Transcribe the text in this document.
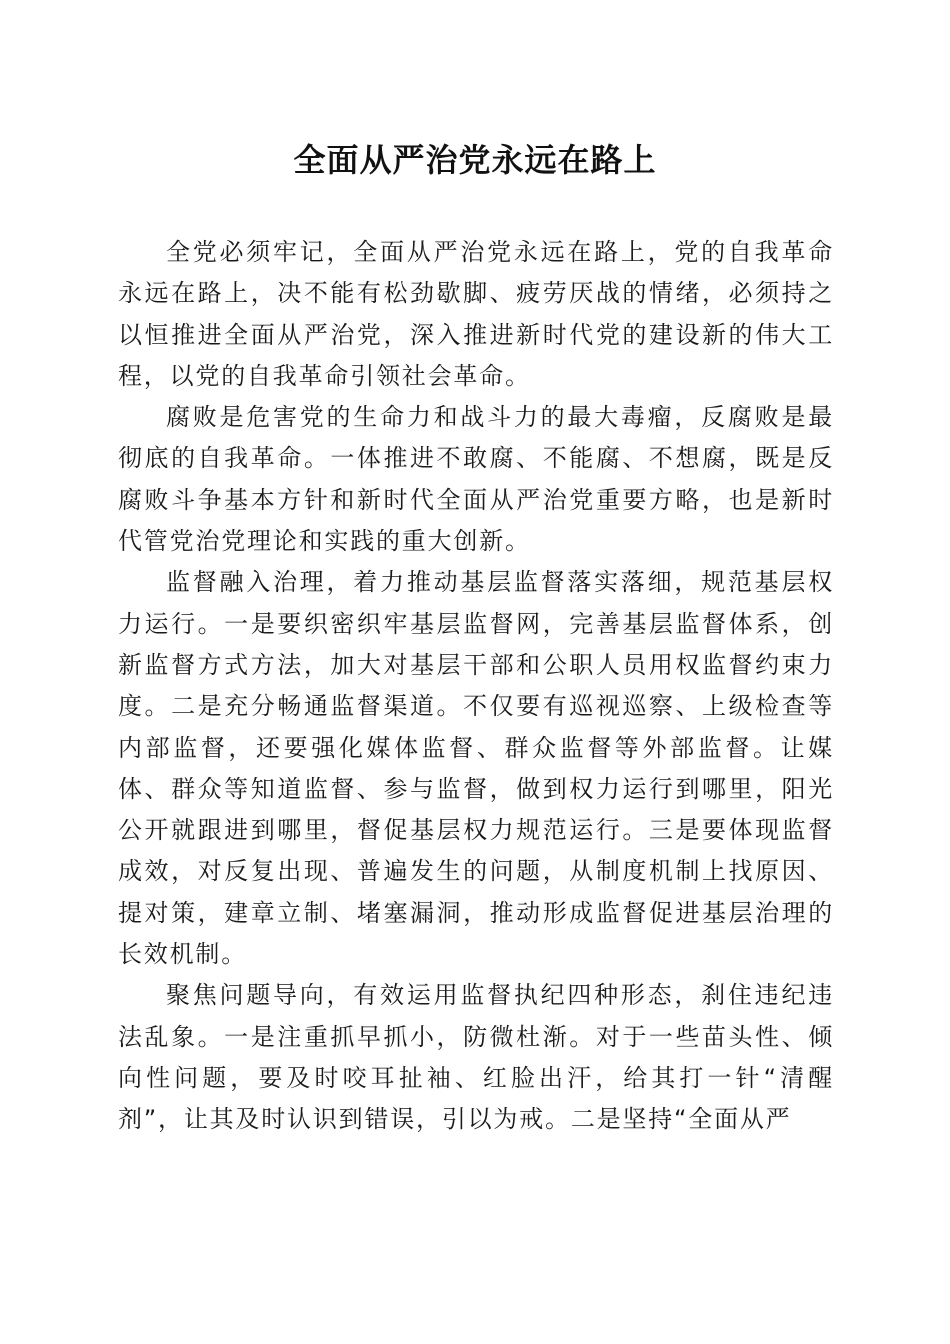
全面从严治党永远在路上

全党必须牢记，全面从严治党永远在路上，党的自我革命永远在路上，决不能有松劲歇脚、疲劳厌战的情绪，必须持之以恒推进全面从严治党，深入推进新时代党的建设新的伟大工程，以党的自我革命引领社会革命。

腐败是危害党的生命力和战斗力的最大毒瘤，反腐败是最彻底的自我革命。一体推进不敢腐、不能腐、不想腐，既是反腐败斗争基本方针和新时代全面从严治党重要方略，也是新时代管党治党理论和实践的重大创新。

监督融入治理，着力推动基层监督落实落细，规范基层权力运行。一是要织密织牢基层监督网，完善基层监督体系，创新监督方式方法，加大对基层干部和公职人员用权监督约束力度。二是充分畅通监督渠道。不仅要有巡视巡察、上级检查等内部监督，还要强化媒体监督、群众监督等外部监督。让媒体、群众等知道监督、参与监督，做到权力运行到哪里，阳光公开就跟进到哪里，督促基层权力规范运行。三是要体现监督成效，对反复出现、普遍发生的问题，从制度机制上找原因、提对策，建章立制、堵塞漏洞，推动形成监督促进基层治理的长效机制。

聚焦问题导向，有效运用监督执纪四种形态，刹住违纪违法乱象。一是注重抓早抓小，防微杜渐。对于一些苗头性、倾向性问题，要及时咬耳扯袖、红脸出汗，给其打一针“清醒剂”，让其及时认识到错误，引以为戒。二是坚持“全面从严
